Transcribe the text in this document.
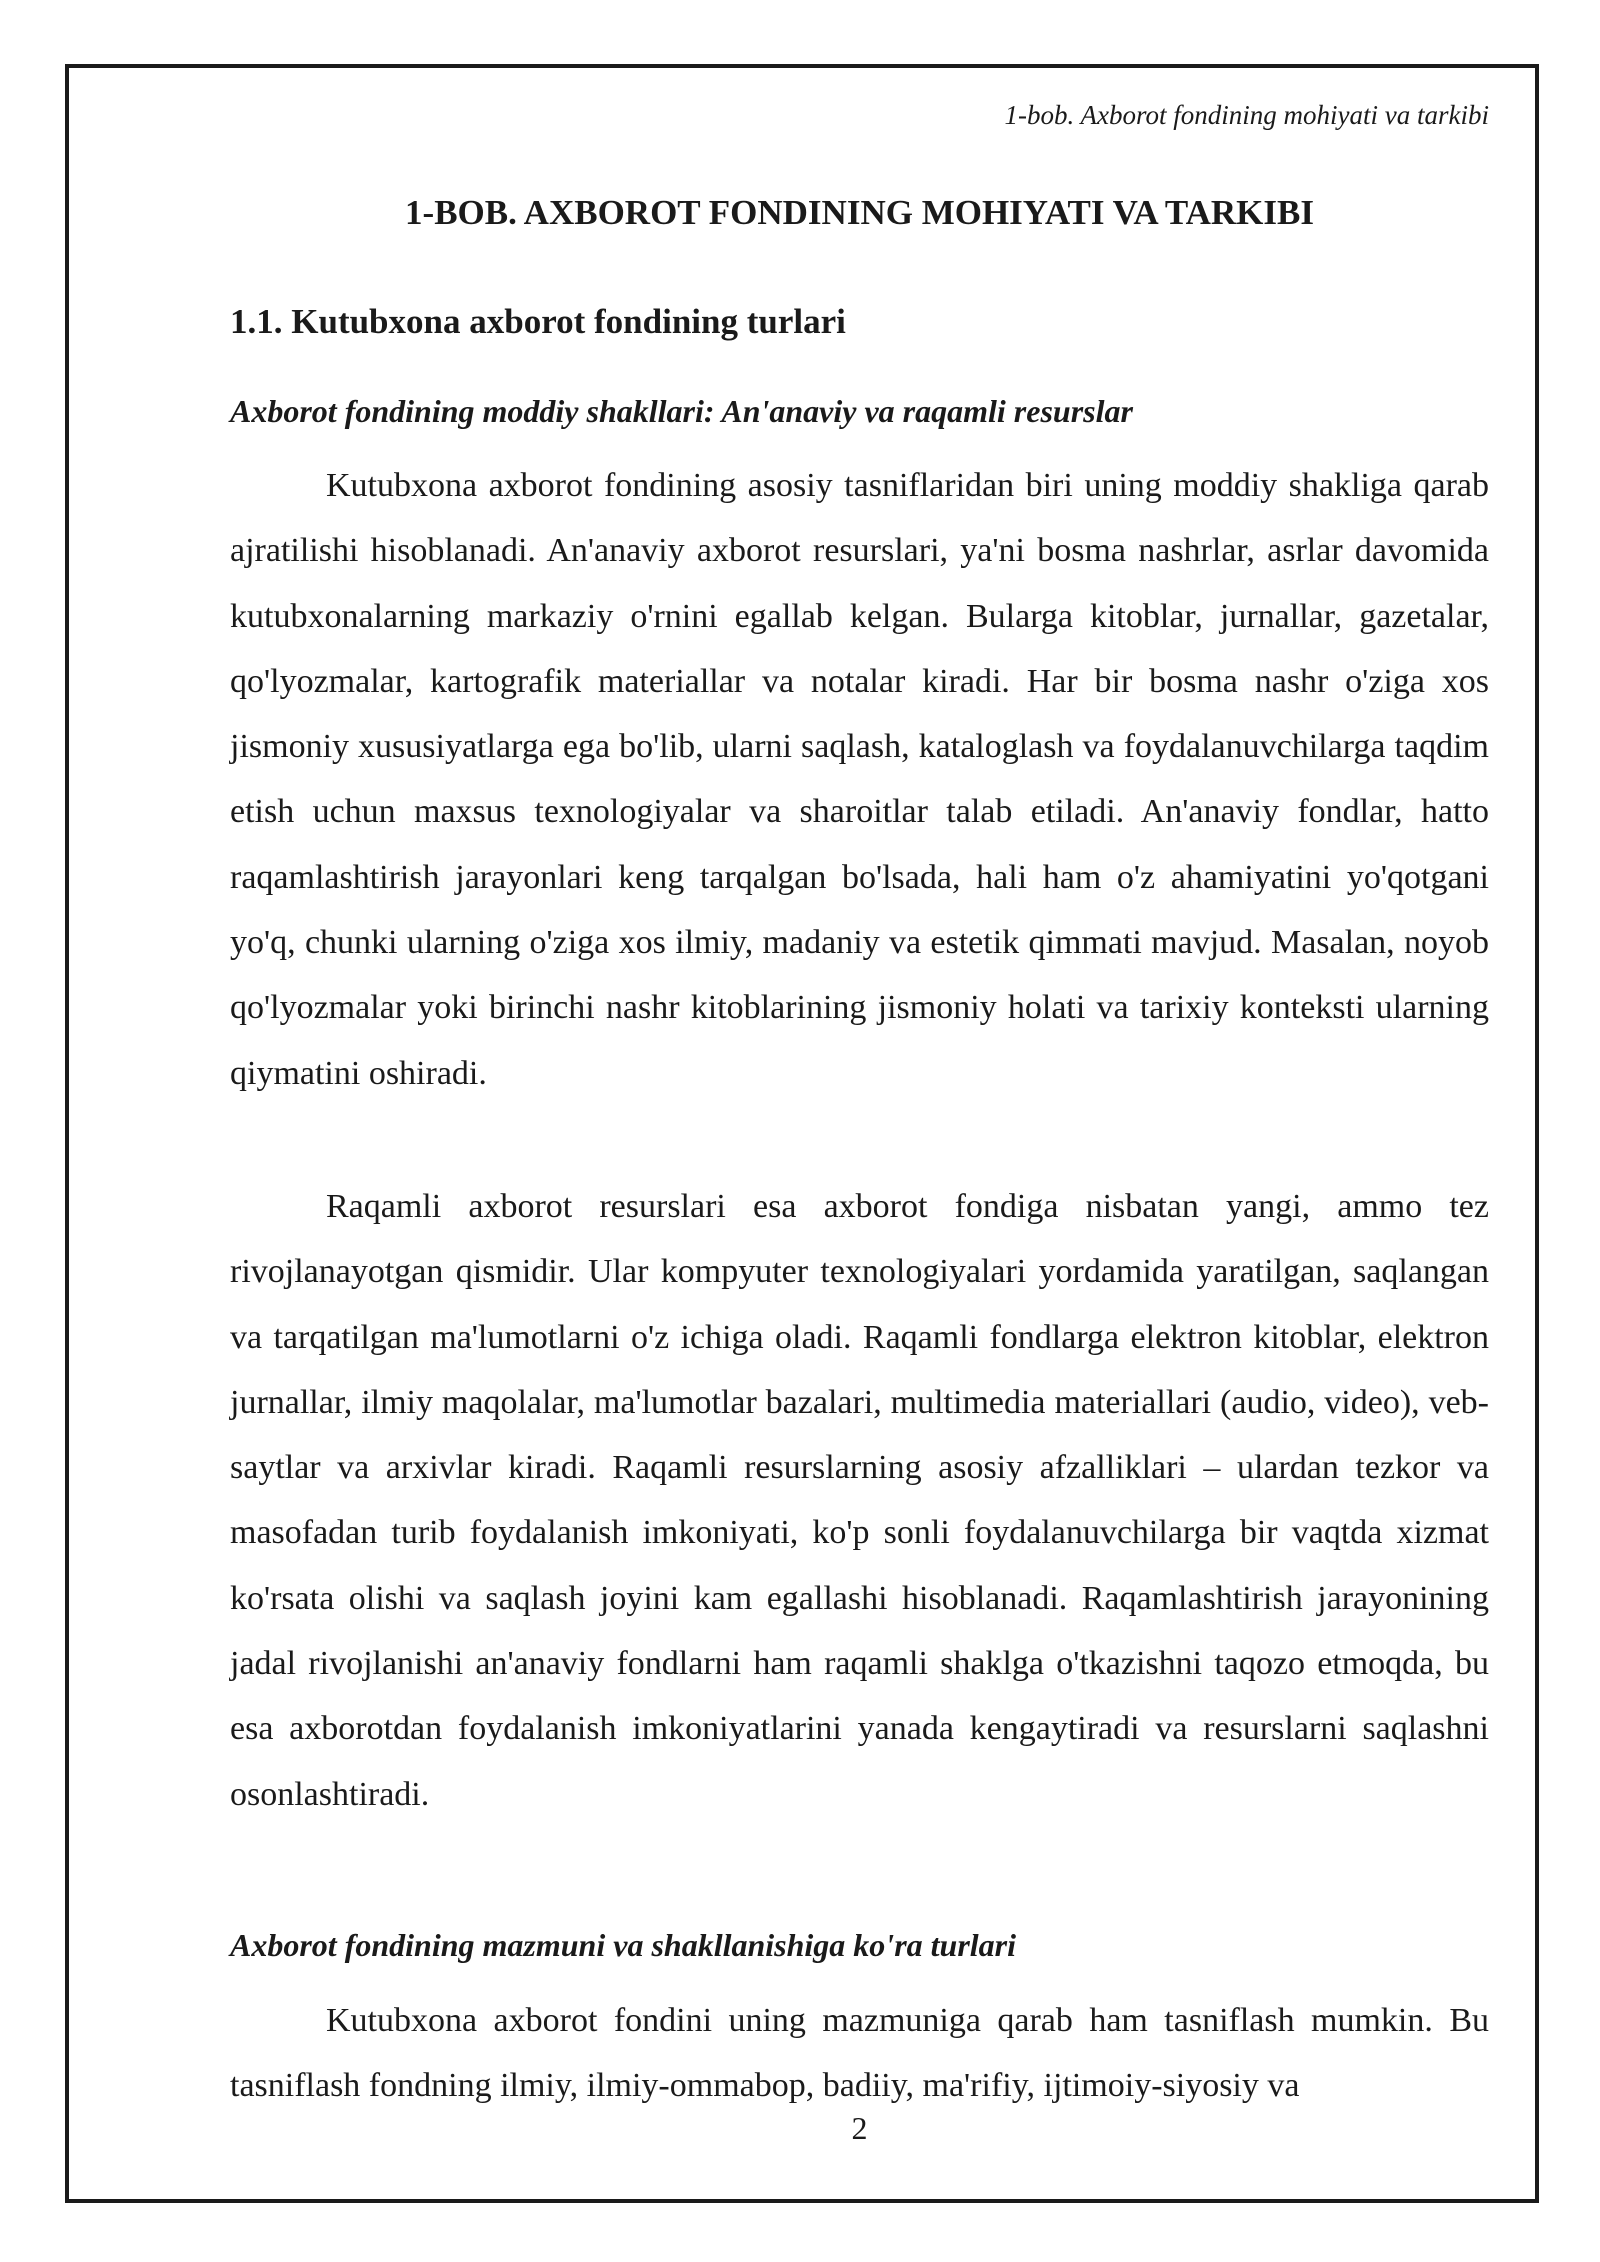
1-bob. Axborot fondining mohiyati va tarkibi
1-BOB. AXBOROT FONDINING MOHIYATI VA TARKIBI
1.1. Kutubxona axborot fondining turlari
Axborot fondining moddiy shakllari: An'anaviy va raqamli resurslar

Kutubxona axborot fondining asosiy tasniflaridan biri uning moddiy shakliga qarab ajratilishi hisoblanadi. An'anaviy axborot resurslari, ya'ni bosma nashrlar, asrlar davomida kutubxonalarning markaziy o'rnini egallab kelgan. Bularga kitoblar, jurnallar, gazetalar, qo'lyozmalar, kartografik materiallar va notalar kiradi. Har bir bosma nashr o'ziga xos jismoniy xususiyatlarga ega bo'lib, ularni saqlash, kataloglash va foydalanuvchilarga taqdim etish uchun maxsus texnologiyalar va sharoitlar talab etiladi. An'anaviy fondlar, hatto raqamlashtirish jarayonlari keng tarqalgan bo'lsada, hali ham o'z ahamiyatini yo'qotgani yo'q, chunki ularning o'ziga xos ilmiy, madaniy va estetik qimmati mavjud. Masalan, noyob qo'lyozmalar yoki birinchi nashr kitoblarining jismoniy holati va tarixiy konteksti ularning qiymatini oshiradi.

Raqamli axborot resurslari esa axborot fondiga nisbatan yangi, ammo tez rivojlanayotgan qismidir. Ular kompyuter texnologiyalari yordamida yaratilgan, saqlangan va tarqatilgan ma'lumotlarni o'z ichiga oladi. Raqamli fondlarga elektron kitoblar, elektron jurnallar, ilmiy maqolalar, ma'lumotlar bazalari, multimedia materiallari (audio, video), veb-saytlar va arxivlar kiradi. Raqamli resurslarning asosiy afzalliklari – ulardan tezkor va masofadan turib foydalanish imkoniyati, ko'p sonli foydalanuvchilarga bir vaqtda xizmat ko'rsata olishi va saqlash joyini kam egallashi hisoblanadi. Raqamlashtirish jarayonining jadal rivojlanishi an'anaviy fondlarni ham raqamli shaklga o'tkazishni taqozo etmoqda, bu esa axborotdan foydalanish imkoniyatlarini yanada kengaytiradi va resurslarni saqlashni osonlashtiradi.

Axborot fondining mazmuni va shakllanishiga ko'ra turlari

Kutubxona axborot fondini uning mazmuniga qarab ham tasniflash mumkin. Bu tasniflash fondning ilmiy, ilmiy-ommabop, badiiy, ma'rifiy, ijtimoiy-siyosiy va

2
